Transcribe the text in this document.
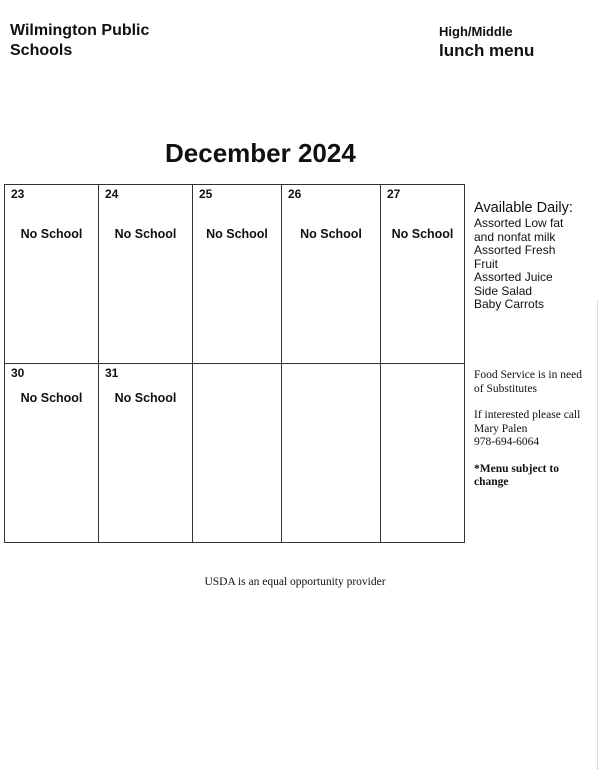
Wilmington Public Schools
High/Middle
lunch menu
December 2024
23
No School
24
No School
25
No School
26
No School
27
No School
30
No School
31
No School
Available Daily:
Assorted Low fat
and nonfat milk
Assorted Fresh
Fruit
Assorted Juice
Side Salad
Baby Carrots

Food Service is in need of Substitutes

If interested please call Mary Palen

978-694-6064

*Menu subject to change

USDA is an equal opportunity provider
